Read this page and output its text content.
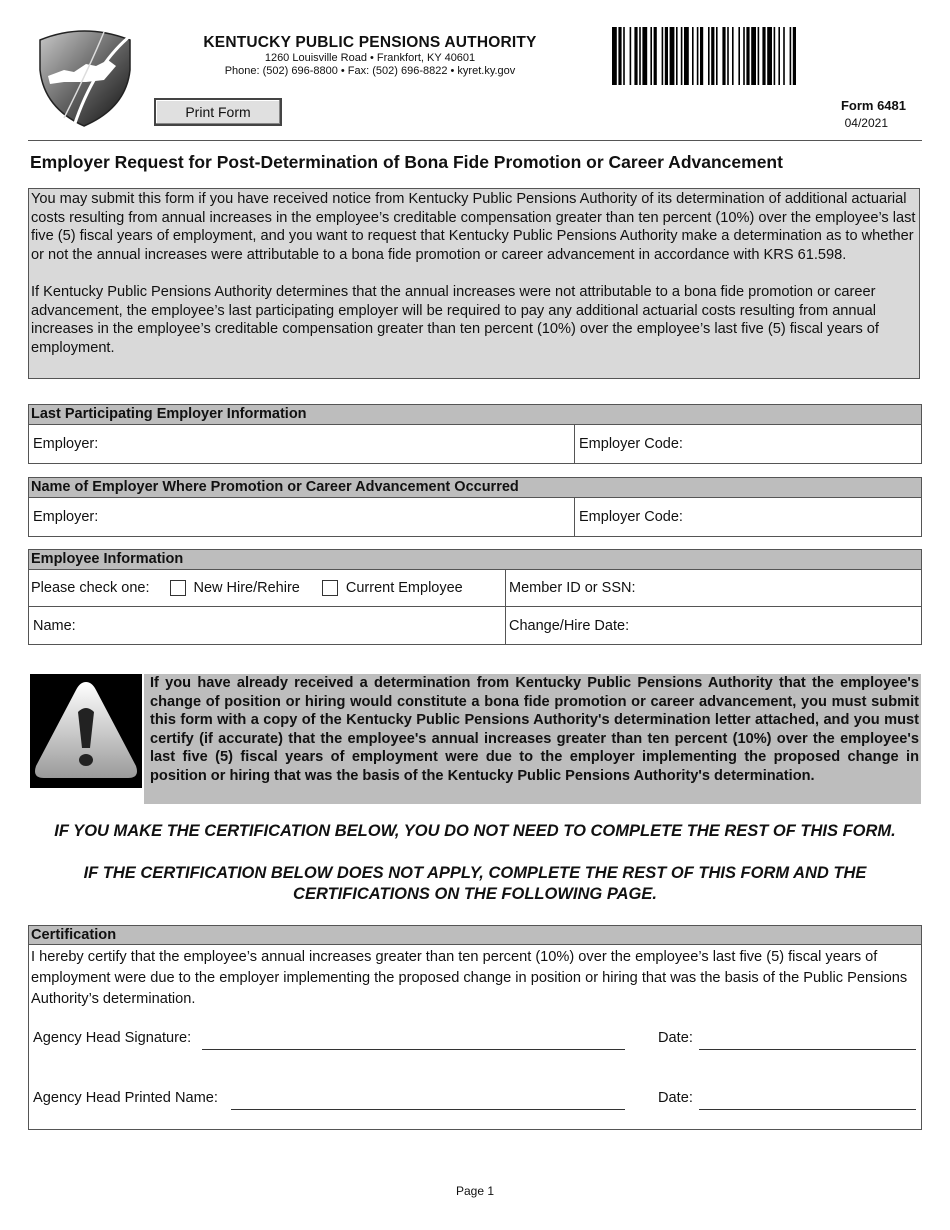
KENTUCKY PUBLIC PENSIONS AUTHORITY
1260 Louisville Road • Frankfort, KY 40601
Phone: (502) 696-8800 • Fax: (502) 696-8822 • kyret.ky.gov
Print Form	Form 6481
04/2021
Employer Request for Post-Determination of Bona Fide Promotion or Career Advancement

You may submit this form if you have received notice from Kentucky Public Pensions Authority of its determination of additional actuarial costs resulting from annual increases in the employee’s creditable compensation greater than ten percent (10%) over the employee’s last five (5) fiscal years of employment, and you want to request that Kentucky Public Pensions Authority make a determination as to whether or not the annual increases were attributable to a bona fide promotion or career advancement in accordance with KRS 61.598.

If Kentucky Public Pensions Authority determines that the annual increases were not attributable to a bona fide promotion or career advancement, the employee’s last participating employer will be required to pay any additional actuarial costs resulting from annual increases in the employee’s creditable compensation greater than ten percent (10%) over the employee’s last five (5) fiscal years of employment.

Last Participating Employer Information
Employer:	Employer Code:
Name of Employer Where Promotion or Career Advancement Occurred
Employer:	Employer Code:
Employee Information
Please check one:	New Hire/Rehire	Current Employee	Member ID or SSN:
Name:	Change/Hire Date:
If you have already received a determination from Kentucky Public Pensions Authority that the employee's change of position or hiring would constitute a bona fide promotion or career advancement, you must submit this form with a copy of the Kentucky Public Pensions Authority's determination letter attached, and you must certify (if accurate) that the employee's annual increases greater than ten percent (10%) over the employee's last five (5) fiscal years of employment were due to the employer implementing the proposed change in position or hiring that was the basis of the Kentucky Public Pensions Authority's determination.
IF YOU MAKE THE CERTIFICATION BELOW, YOU DO NOT NEED TO COMPLETE THE REST OF THIS FORM.
IF THE CERTIFICATION BELOW DOES NOT APPLY, COMPLETE THE REST OF THIS FORM AND THE CERTIFICATIONS ON THE FOLLOWING PAGE.
Certification
I hereby certify that the employee’s annual increases greater than ten percent (10%) over the employee’s last five (5) fiscal years of employment were due to the employer implementing the proposed change in position or hiring that was the basis of the Public Pensions Authority’s determination.
Agency Head Signature:	Date:
Agency Head Printed Name:	Date:
Page 1
